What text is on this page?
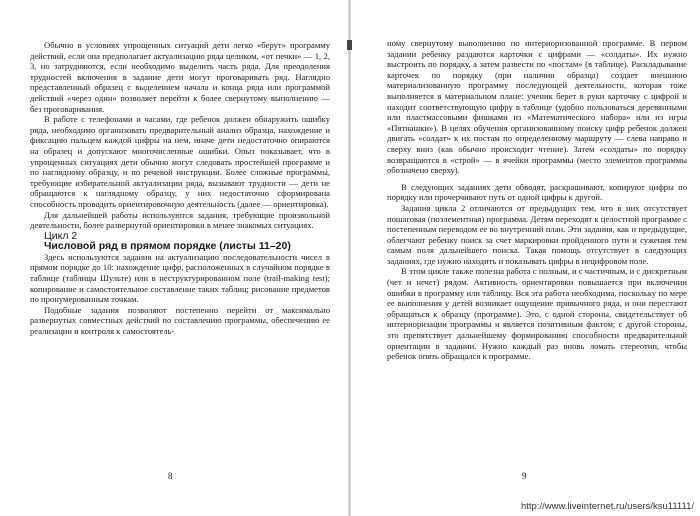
Обычно в условиях упрощенных ситуаций дети легко «берут» программу действий, если она предполагает актуализацию ряда целиком, «от печки» — 1, 2, 3, но затрудняются, если необходимо выделить часть ряда. Для преодоления трудностей включения в задание дети могут проговаривать ряд. Наглядно представленный образец с выделением начала и конца ряда или программой действий «через один» позволяет перейти к более свернутому выполнению — без проговаривания.

В работе с телефонами и часами, где ребенок должен обнаружить ошибку ряда, необходимо организовать предварительный анализ образца, нахождение и фиксацию пальцем каждой цифры на нем, иначе дети недостаточно опираются на образец и допускают многочисленные ошибки. Опыт показывает, что в упрощенных ситуациях дети обычно могут следовать простейшей программе и по наглядному образцу, и по речевой инструкции. Более сложные программы, требующие избирательной актуализации ряда, вызывают трудности — дети не обращаются к наглядному образцу, у них недостаточно сформирована способность проводить ориентировочную деятельность (далее — ориентировка).

Для дальнейшей работы используются задания, требующие произвольной деятельности, более развернутой ориентировки в менее знакомых ситуациях.

Цикл 2

Числовой ряд в прямом порядке (листы 11–20)

Здесь используются задания на актуализацию последовательности чисел в прямом порядке до 10: нахождение цифр, расположенных в случайном порядке в таблице (таблицы Шульте) или в неструктурированном поле (trail-making test); копирование и самостоятельное составление таких таблиц; рисование предметов по пронумерованным точкам.

Подобные задания позволяют постепенно перейти от максимально развернутых совместных действий по составлению программы, обеспечению ее реализации и контроля к самостоятель-

8

ному свернутому выполнению по интериоризованной программе. В первом задании ребенку раздаются карточки с цифрами — «солдаты». Их нужно выстроить по порядку, а затем развести по «постам» (в таблице). Раскладывание карточек по порядку (при наличии образца) создает внешнюю материализованную программу последующей деятельности, которая тоже выполняется в материальном плане: ученик берет в руки карточку с цифрой и находит соответствующую цифру в таблице (удобно пользоваться деревянными или пластмассовыми фишками из «Математического набора» или из игры «Пятнашки»). В целях обучения организованному поиску цифр ребенок должен двигать «солдат» к их постам по определенному маршруту — слева направо и сверху вниз (как обычно происходит чтение). Затем «солдаты» по порядку возвращаются в «строй» — в ячейки программы (место элементов программы обозначено сверху).

В следующих заданиях дети обводят, раскрашивают, копируют цифры по порядку или прочерчивают путь от одной цифры к другой.

Задания цикла 2 отличаются от предыдущих тем, что в них отсутствует пошаговая (поэлементная) программа. Детям переходят к целостной программе с постепенным переводом ее во внутренний план. Эти задания, как и предыдущие, облегчают ребенку поиск за счет маркировки пройденного пути и сужения тем самым поля дальнейшего поиска. Такая помощь отсутствует в следующих заданиях, где нужно находить и показывать цифры в нецифровом поле.

В этом цикле также полезна работа с полным, и с частичным, и с дискретным (чет и нечет) рядом. Активность ориентировки повышается при включении ошибки в программу или таблицу. Вся эта работа необходима, поскольку по мере ее выполнения у детей возникает ощущение привычного ряда, и они перестают обращаться к образцу (программе). Это, с одной стороны, свидетельствует об интериоризации программы и является позитивным фактом; с другой стороны, это препятствует дальнейшему формированию способности предварительной ориентации в задании. Нужно каждый раз вновь ломать стереотип, чтобы ребенок опять обращался к программе.

9
http://www.liveinternet.ru/users/ksu11111/
